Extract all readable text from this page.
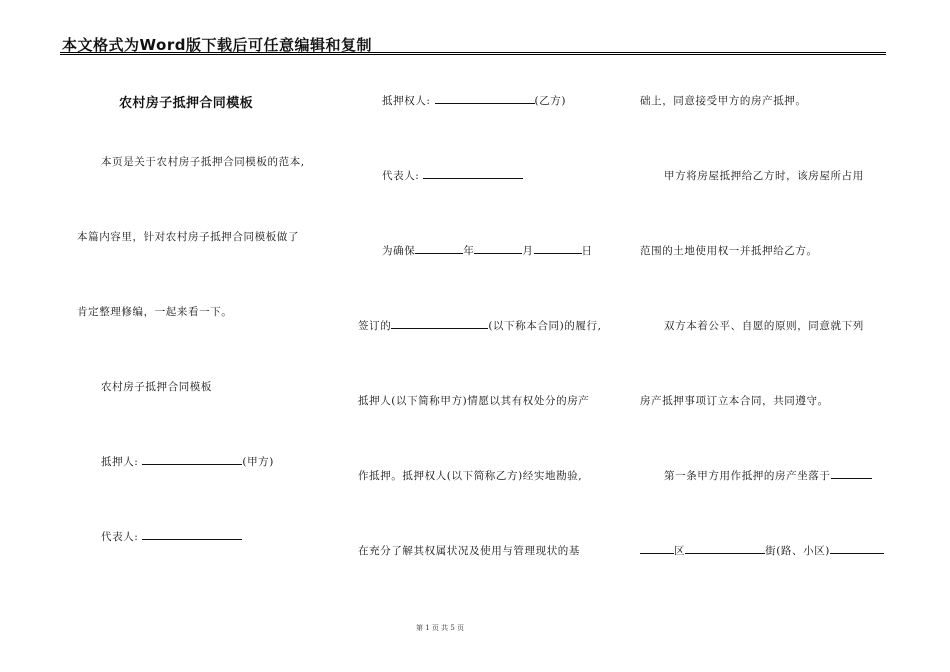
本文格式为Word版下载后可任意编辑和复制
农村房子抵押合同模板
本页是关于农村房子抵押合同模板的范本,
本篇内容里，针对农村房子抵押合同模板做了
肯定整理修编，一起来看一下。
农村房子抵押合同模板
抵押人:	(甲方)
代表人:
抵押权人:	(乙方)
代表人:
为确保	年	月	日
签订的	(以下称本合同)的履行,
抵押人(以下简称甲方)情愿以其有权处分的房产
作抵押。抵押权人(以下简称乙方)经实地勘验,
在充分了解其权属状况及使用与管理现状的基
础上，同意接受甲方的房产抵押。
甲方将房屋抵押给乙方时，该房屋所占用
范围的土地使用权一并抵押给乙方。
双方本着公平、自愿的原则，同意就下列
房产抵押事项订立本合同，共同遵守。
第一条甲方用作抵押的房产坐落于
区	街(路、小区)
第 1 页 共 5 页
